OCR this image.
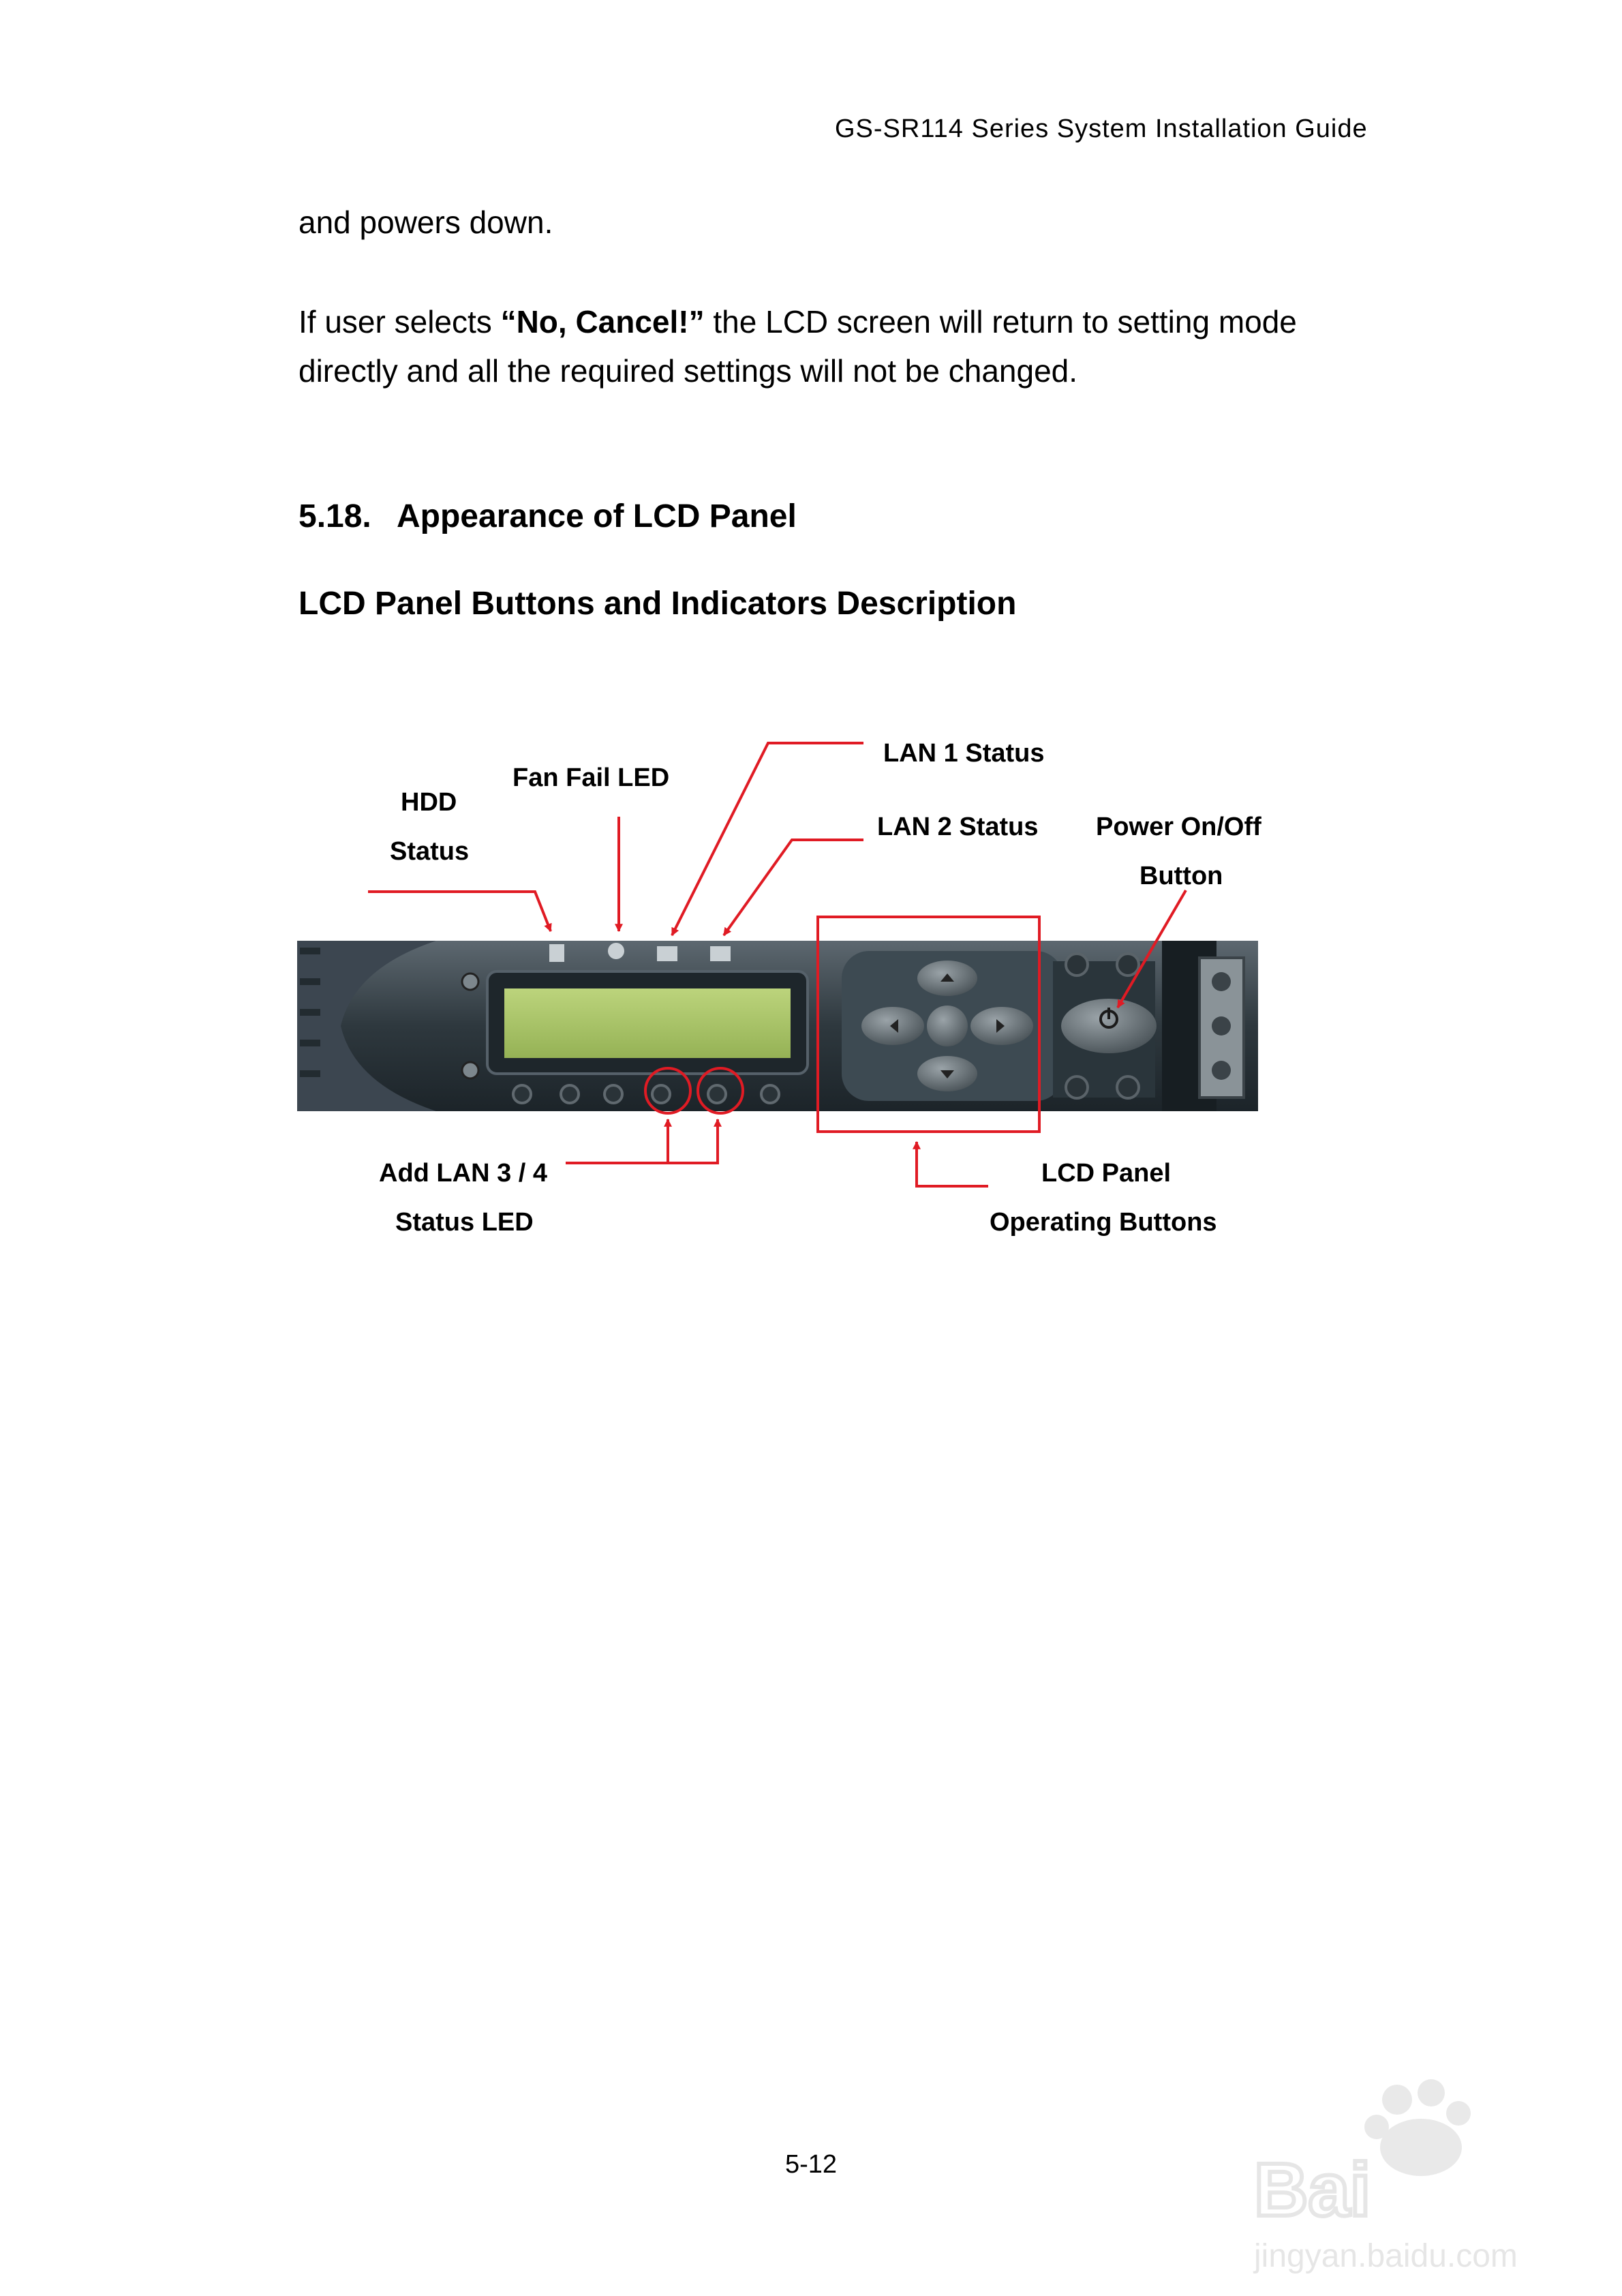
GS-SR114 Series System Installation Guide
and powers down.
If user selects “No, Cancel!” the LCD screen will return to setting mode directly and all the required settings will not be changed.
5.18. Appearance of LCD Panel
LCD Panel Buttons and Indicators Description
HDD
Status
Fan Fail LED
LAN 1 Status
LAN 2 Status Power On/Off
Button
Add LAN 3 / 4
Status LED
LCD Panel
Operating Buttons
5-12	Bai
jingyan.baidu.com
